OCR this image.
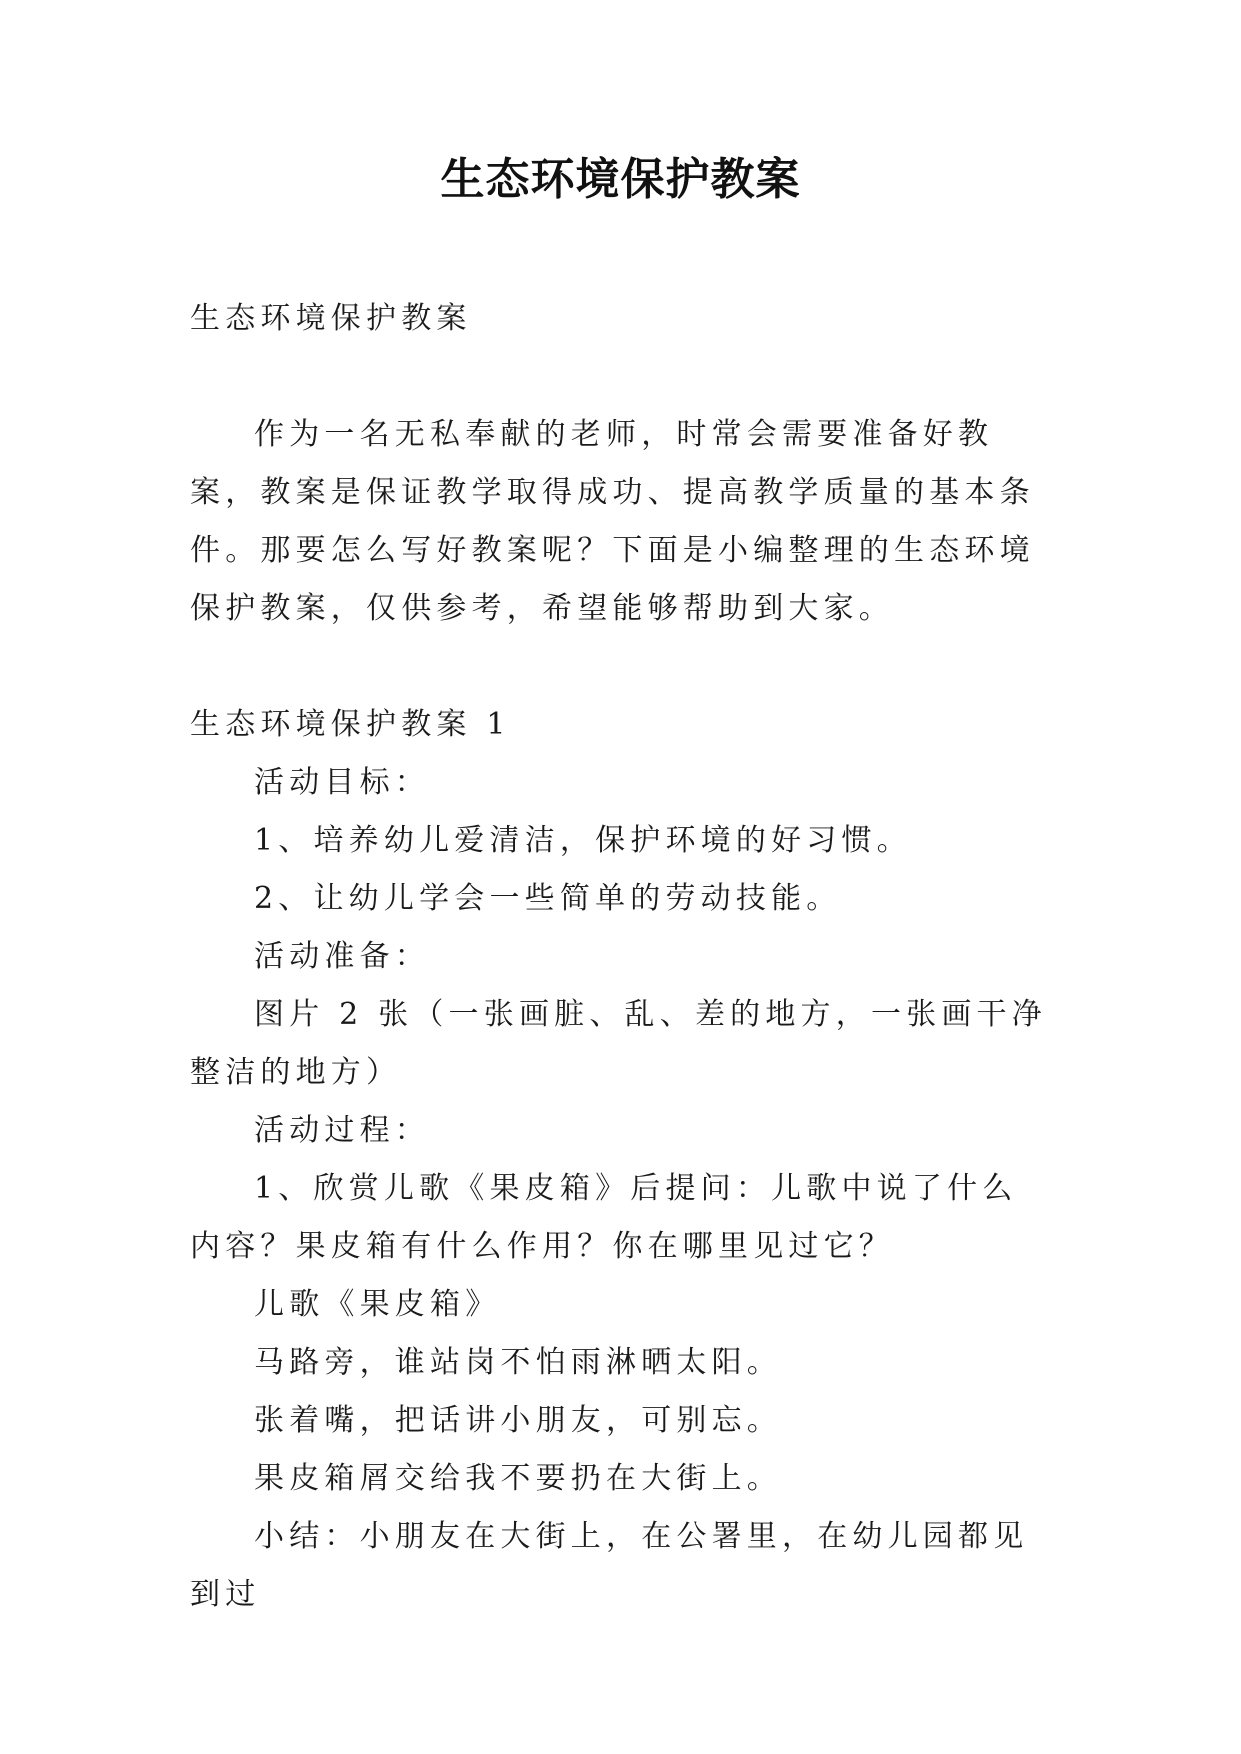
生态环境保护教案

生态环境保护教案

作为一名无私奉献的老师，时常会需要准备好教案，教案是保证教学取得成功、提高教学质量的基本条件。那要怎么写好教案呢？下面是小编整理的生态环境保护教案，仅供参考，希望能够帮助到大家。

生态环境保护教案 1

活动目标：

1、培养幼儿爱清洁，保护环境的好习惯。

2、让幼儿学会一些简单的劳动技能。

活动准备：

图片 2 张（一张画脏、乱、差的地方，一张画干净整洁的地方）

活动过程：

1、欣赏儿歌《果皮箱》后提问：儿歌中说了什么内容？果皮箱有什么作用？你在哪里见过它？

儿歌《果皮箱》

马路旁，谁站岗不怕雨淋晒太阳。

张着嘴，把话讲小朋友，可别忘。

果皮箱屑交给我不要扔在大街上。

小结：小朋友在大街上，在公署里，在幼儿园都见到过
